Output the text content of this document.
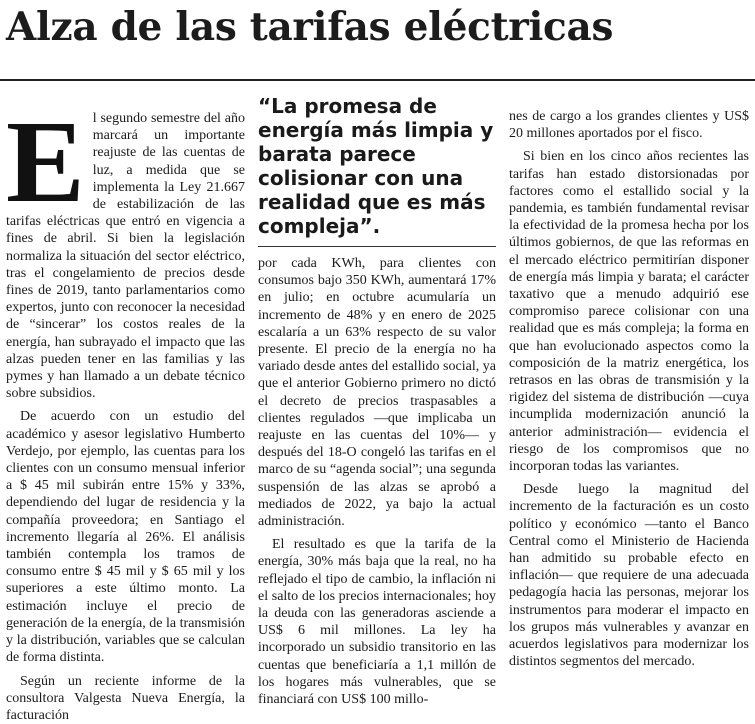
Alza de las tarifas eléctricas

El segundo semestre del año marcará un importante reajuste de las cuentas de luz, a medida que se implementa la Ley 21.667 de estabilización de las tarifas eléctricas que entró en vigencia a fines de abril. Si bien la legislación normaliza la situación del sector eléctrico, tras el congelamiento de precios desde fines de 2019, tanto parlamentarios como expertos, junto con reconocer la necesidad de “sincerar” los costos reales de la energía, han subrayado el impacto que las alzas pueden tener en las familias y las pymes y han llamado a un debate técnico sobre subsidios.

De acuerdo con un estudio del académico y asesor legislativo Humberto Verdejo, por ejemplo, las cuentas para los clientes con un consumo mensual inferior a $ 45 mil subirán entre 15% y 33%, dependiendo del lugar de residencia y la compañía proveedora; en Santiago el incremento llegaría al 26%. El análisis también contempla los tramos de consumo entre $ 45 mil y $ 65 mil y los superiores a este último monto. La estimación incluye el precio de generación de la energía, de la transmisión y la distribución, variables que se calculan de forma distinta.

Según un reciente informe de la consultora Valgesta Nueva Energía, la facturación

“La promesa de energía más limpia y barata parece colisionar con una realidad que es más compleja”.

por cada KWh, para clientes con consumos bajo 350 KWh, aumentará 17% en julio; en octubre acumularía un incremento de 48% y en enero de 2025 escalaría a un 63% respecto de su valor presente. El precio de la energía no ha variado desde antes del estallido social, ya que el anterior Gobierno primero no dictó el decreto de precios traspasables a clientes regulados —que implicaba un reajuste en las cuentas del 10%— y después del 18-O congeló las tarifas en el marco de su “agenda social”; una segunda suspensión de las alzas se aprobó a mediados de 2022, ya bajo la actual administración.

El resultado es que la tarifa de la energía, 30% más baja que la real, no ha reflejado el tipo de cambio, la inflación ni el salto de los precios internacionales; hoy la deuda con las generadoras asciende a US$ 6 mil millones. La ley ha incorporado un subsidio transitorio en las cuentas que beneficiaría a 1,1 millón de los hogares más vulnerables, que se financiará con US$ 100 millo-

nes de cargo a los grandes clientes y US$ 20 millones aportados por el fisco.

Si bien en los cinco años recientes las tarifas han estado distorsionadas por factores como el estallido social y la pandemia, es también fundamental revisar la efectividad de la promesa hecha por los últimos gobiernos, de que las reformas en el mercado eléctrico permitirían disponer de energía más limpia y barata; el carácter taxativo que a menudo adquirió ese compromiso parece colisionar con una realidad que es más compleja; la forma en que han evolucionado aspectos como la composición de la matriz energética, los retrasos en las obras de transmisión y la rigidez del sistema de distribución —cuya incumplida modernización anunció la anterior administración— evidencia el riesgo de los compromisos que no incorporan todas las variantes.

Desde luego la magnitud del incremento de la facturación es un costo político y económico —tanto el Banco Central como el Ministerio de Hacienda han admitido su probable efecto en inflación— que requiere de una adecuada pedagogía hacia las personas, mejorar los instrumentos para moderar el impacto en los grupos más vulnerables y avanzar en acuerdos legislativos para modernizar los distintos segmentos del mercado.
